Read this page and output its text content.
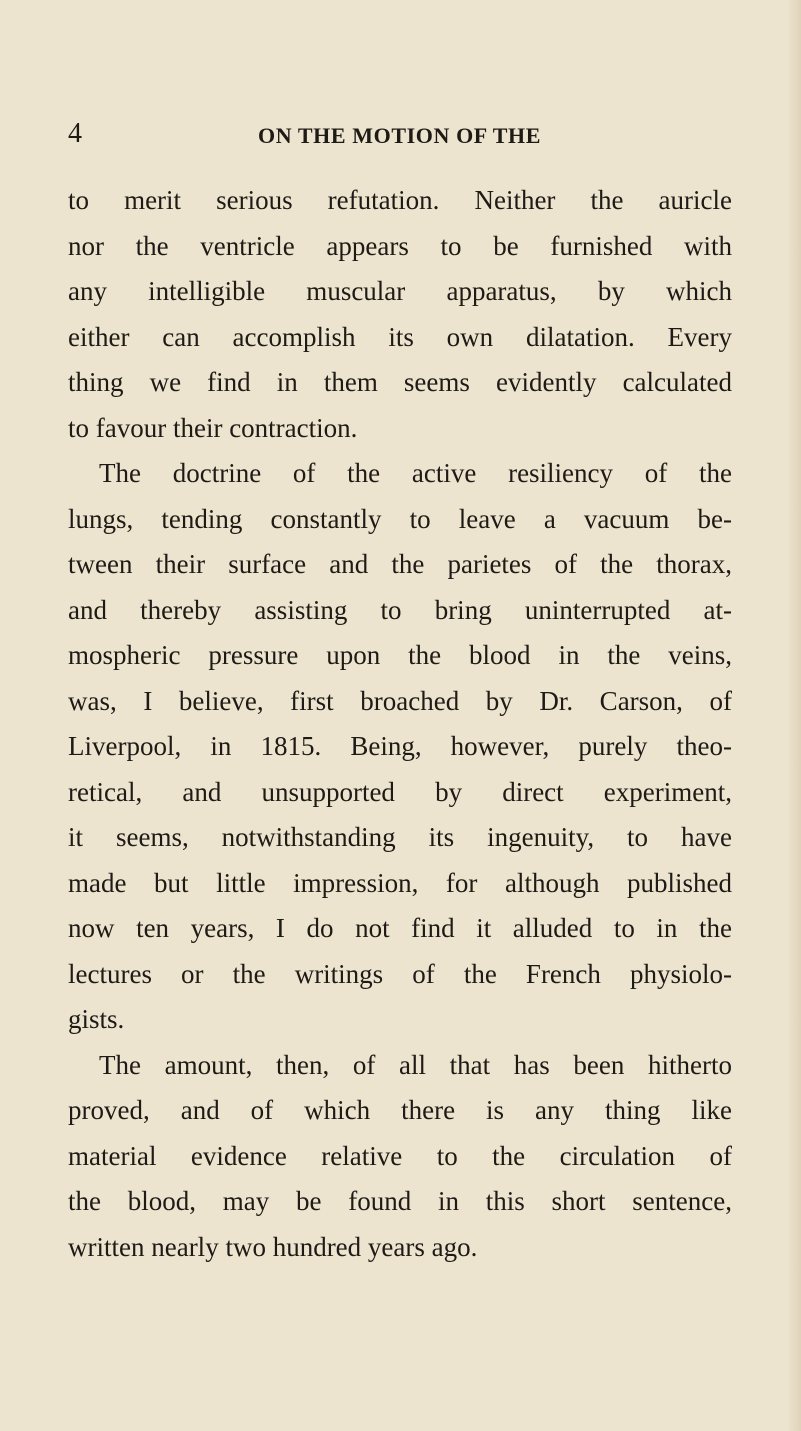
4	ON THE MOTION OF THE
to merit serious refutation. Neither the auricle
nor the ventricle appears to be furnished with
any intelligible muscular apparatus, by which
either can accomplish its own dilatation. Every
thing we find in them seems evidently calculated
to favour their contraction.
The doctrine of the active resiliency of the
lungs, tending constantly to leave a vacuum be-
tween their surface and the parietes of the thorax,
and thereby assisting to bring uninterrupted at-
mospheric pressure upon the blood in the veins,
was, I believe, first broached by Dr. Carson, of
Liverpool, in 1815. Being, however, purely theo-
retical, and unsupported by direct experiment,
it seems, notwithstanding its ingenuity, to have
made but little impression, for although published
now ten years, I do not find it alluded to in the
lectures or the writings of the French physiolo-
gists.
The amount, then, of all that has been hitherto
proved, and of which there is any thing like
material evidence relative to the circulation of
the blood, may be found in this short sentence,
written nearly two hundred years ago.
